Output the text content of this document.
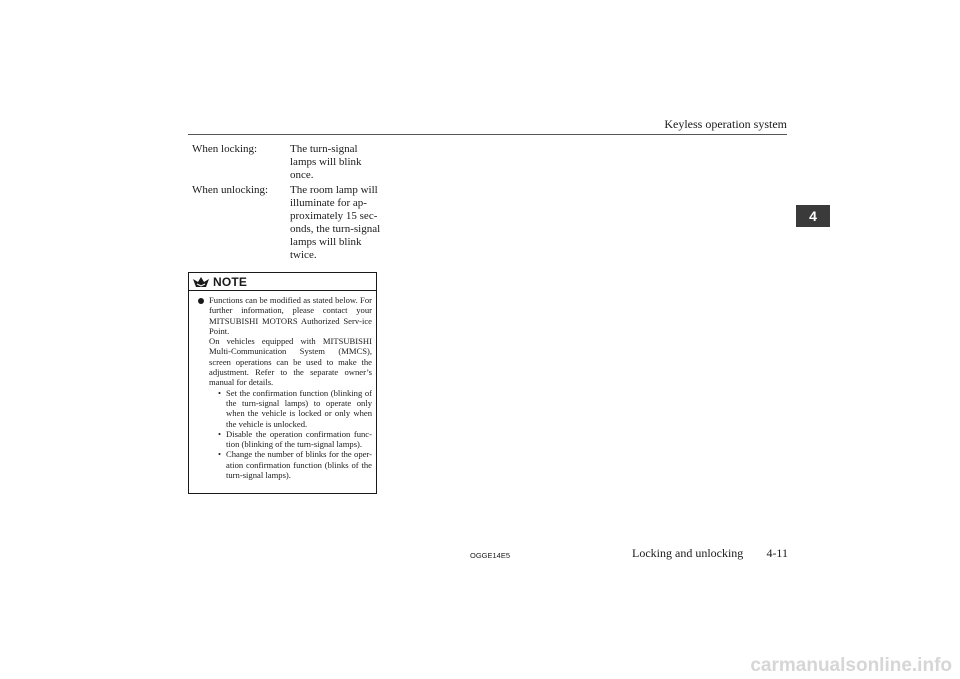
Keyless operation system
4
When locking:	The turn-signal lamps will blink once.
When unlocking: The room lamp will illuminate for ap-proximately 15 sec-onds, the turn-signal lamps will blink twice.
NOTE

Functions can be modified as stated below. For further information, please contact your MITSUBISHI MOTORS Authorized Serv-ice Point.

On vehicles equipped with MITSUBISHI Multi-Communication System (MMCS), screen operations can be used to make the adjustment. Refer to the separate owner’s manual for details.

• Set the confirmation function (blinking of the turn-signal lamps) to operate only when the vehicle is locked or only when the vehicle is unlocked.
• Disable the operation confirmation func-tion (blinking of the turn-signal lamps).
• Change the number of blinks for the oper-ation confirmation function (blinks of the turn-signal lamps).
OGGE14E5	Locking and unlocking	4-11
carmanualsonline.info
